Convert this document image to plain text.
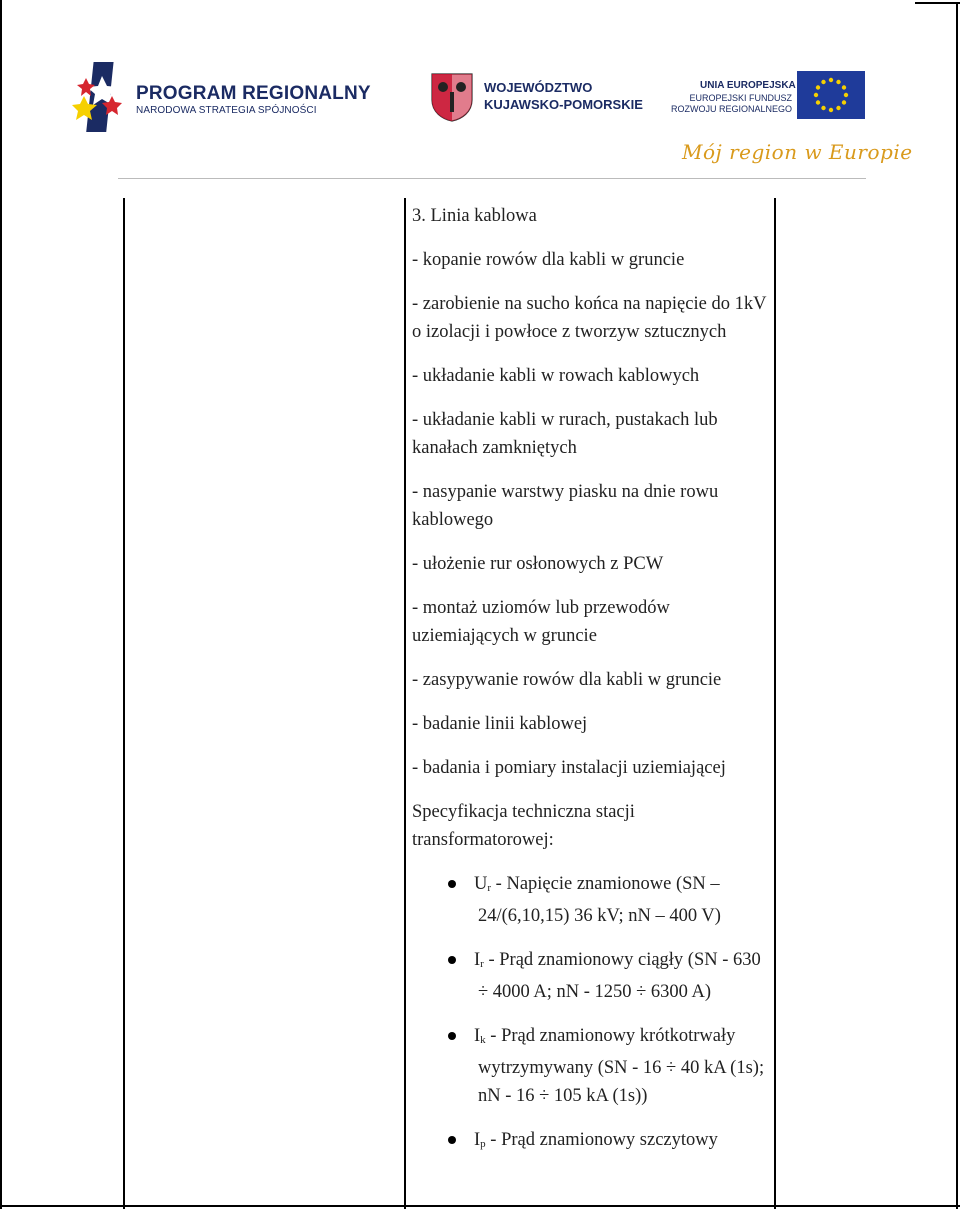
PROGRAM REGIONALNY
NARODOWA STRATEGIA SPÓJNOŚCI
WOJEWÓDZTWO
KUJAWSKO-POMORSKIE
UNIA EUROPEJSKA
EUROPEJSKI FUNDUSZ
ROZWOJU REGIONALNEGO
Mój region w Europie

3. Linia kablowa

- kopanie rowów dla kabli w gruncie

- zarobienie na sucho końca na napięcie do 1kV o izolacji i powłoce z tworzyw sztucznych

- układanie kabli w rowach kablowych

- układanie kabli w rurach, pustakach lub kanałach zamkniętych

- nasypanie warstwy piasku na dnie rowu kablowego

- ułożenie rur osłonowych z PCW

- montaż uziomów lub przewodów uziemiających w gruncie

- zasypywanie rowów dla kabli w gruncie

- badanie linii kablowej

- badania i pomiary instalacji uziemiającej

Specyfikacja techniczna stacji transformatorowej:

$U_r$ - Napięcie znamionowe (SN – 24/(6,10,15) 36 kV; nN – 400 V)
$I_r$ - Prąd znamionowy ciągły (SN - 630 ÷ 4000 A; nN - 1250 ÷ 6300 A)
$I_k$ - Prąd znamionowy krótkotrwały wytrzymywany (SN - 16 ÷ 40 kA (1s); nN - 16 ÷ 105 kA (1s))
$I_p$ - Prąd znamionowy szczytowy
